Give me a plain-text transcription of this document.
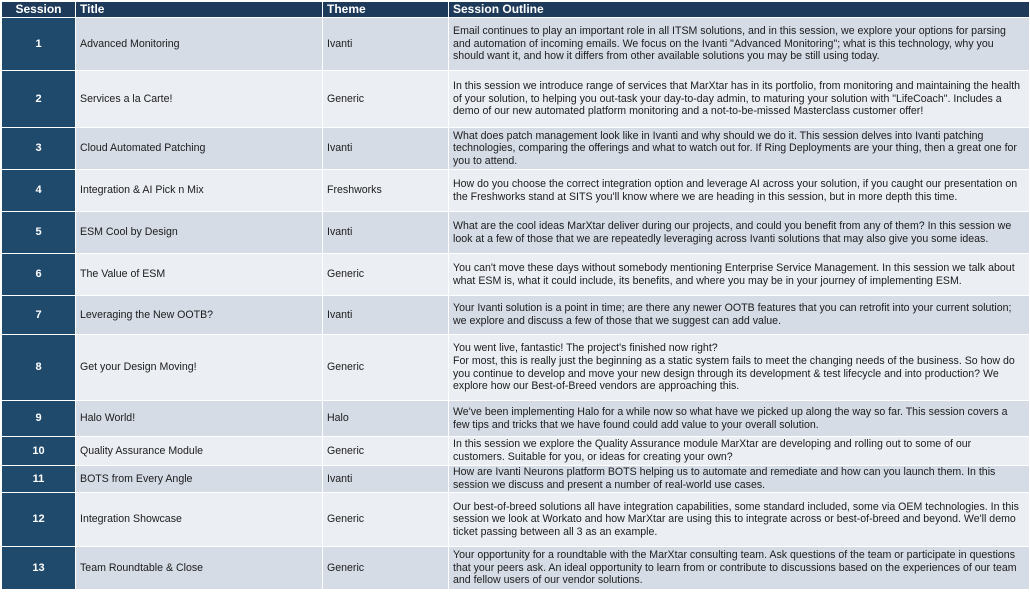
Session	Title	Theme	Session Outline
1	Advanced Monitoring	Ivanti	Email continues to play an important role in all ITSM solutions, and in this session, we explore your options for parsing and automation of incoming emails. We focus on the Ivanti "Advanced Monitoring"; what is this technology, why you should want it, and how it differs from other available solutions you may be still using today.
2	Services a la Carte!	Generic	In this session we introduce range of services that MarXtar has in its portfolio, from monitoring and maintaining the health of your solution, to helping you out-task your day-to-day admin, to maturing your solution with "LifeCoach". Includes a demo of our new automated platform monitoring and a not-to-be-missed Masterclass customer offer!
3	Cloud Automated Patching	Ivanti	What does patch management look like in Ivanti and why should we do it. This session delves into Ivanti patching technologies, comparing the offerings and what to watch out for. If Ring Deployments are your thing, then a great one for you to attend.
4	Integration & AI Pick n Mix	Freshworks	How do you choose the correct integration option and leverage AI across your solution, if you caught our presentation on the Freshworks stand at SITS you'll know where we are heading in this session, but in more depth this time.
5	ESM Cool by Design	Ivanti	What are the cool ideas MarXtar deliver during our projects, and could you benefit from any of them? In this session we look at a few of those that we are repeatedly leveraging across Ivanti solutions that may also give you some ideas.
6	The Value of ESM	Generic	You can't move these days without somebody mentioning Enterprise Service Management. In this session we talk about what ESM is, what it could include, its benefits, and where you may be in your journey of implementing ESM.
7	Leveraging the New OOTB?	Ivanti	Your Ivanti solution is a point in time; are there any newer OOTB features that you can retrofit into your current solution; we explore and discuss a few of those that we suggest can add value.
8	Get your Design Moving!	Generic	You went live, fantastic! The project's finished now right?
For most, this is really just the beginning as a static system fails to meet the changing needs of the business. So how do you continue to develop and move your new design through its development & test lifecycle and into production? We explore how our Best-of-Breed vendors are approaching this.
9	Halo World!	Halo	We've been implementing Halo for a while now so what have we picked up along the way so far. This session covers a few tips and tricks that we have found could add value to your overall solution.
10	Quality Assurance Module	Generic	In this session we explore the Quality Assurance module MarXtar are developing and rolling out to some of our customers. Suitable for you, or ideas for creating your own?
11	BOTS from Every Angle	Ivanti	How are Ivanti Neurons platform BOTS helping us to automate and remediate and how can you launch them. In this session we discuss and present a number of real-world use cases.
12	Integration Showcase	Generic	Our best-of-breed solutions all have integration capabilities, some standard included, some via OEM technologies. In this session we look at Workato and how MarXtar are using this to integrate across or best-of-breed and beyond. We'll demo ticket passing between all 3 as an example.
13	Team Roundtable & Close	Generic	Your opportunity for a roundtable with the MarXtar consulting team. Ask questions of the team or participate in questions that your peers ask. An ideal opportunity to learn from or contribute to discussions based on the experiences of our team and fellow users of our vendor solutions.
